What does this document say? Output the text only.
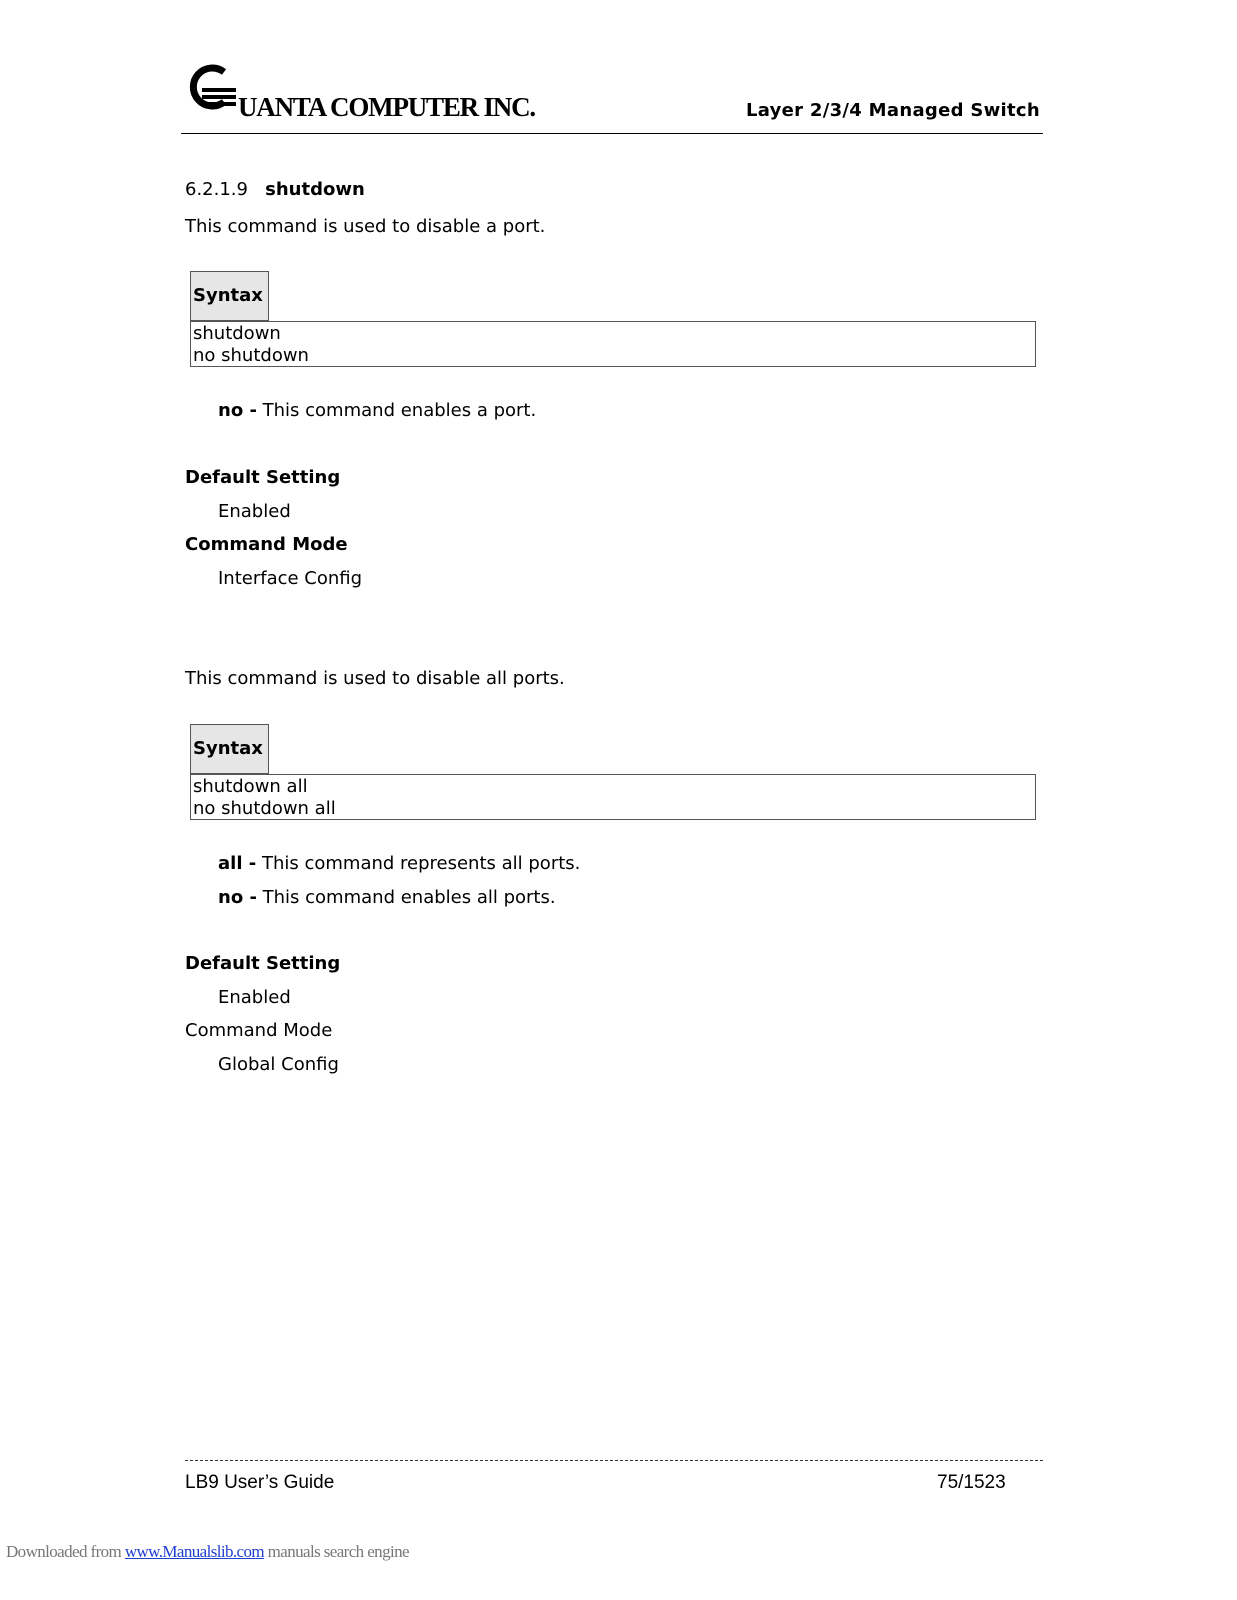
UANTA COMPUTER INC.	Layer 2/3/4 Managed Switch
6.2.1.9 shutdown
This command is used to disable a port.
Syntax
shutdown
no shutdown
no - This command enables a port.
Default Setting
Enabled
Command Mode
Interface Config
This command is used to disable all ports.
Syntax
shutdown all
no shutdown all
all - This command represents all ports.
no - This command enables all ports.
Default Setting
Enabled
Command Mode
Global Config
LB9 User’s Guide	75/1523
Downloaded from www.Manualslib.com manuals search engine
